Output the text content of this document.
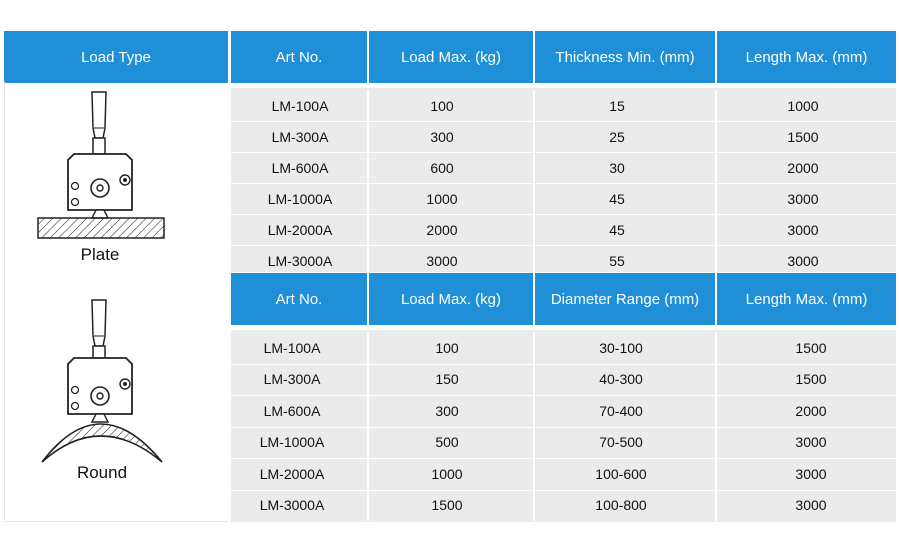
Load Type	Art No.	Load Max. (kg)	Thickness Min. (mm)	Length Max. (mm)
Plate
Round
LM-100A	100	15	1000
LM-300A	300	25	1500
LM-600A	600	30	2000
LM-1000A	1000	45	3000
LM-2000A	2000	45	3000
LM-3000A	3000	55	3000
Art No.	Load Max. (kg)	Diameter Range (mm)	Length Max. (mm)
LM-100A	100	30-100	1500
LM-300A	150	40-300	1500
LM-600A	300	70-400	2000
LM-1000A	500	70-500	3000
LM-2000A	1000	100-600	3000
LM-3000A	1500	100-800	3000
